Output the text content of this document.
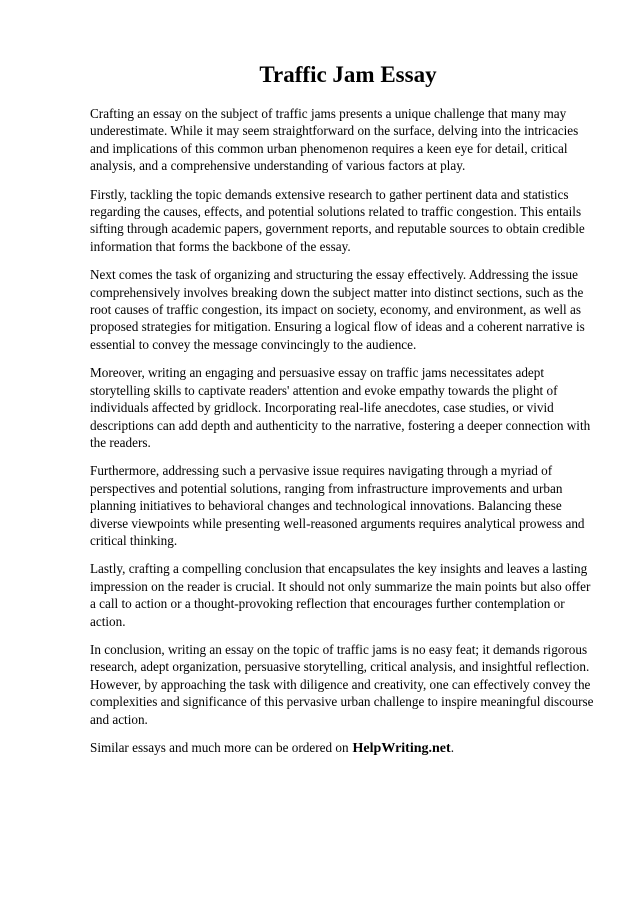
Traffic Jam Essay

Crafting an essay on the subject of traffic jams presents a unique challenge that many may underestimate. While it may seem straightforward on the surface, delving into the intricacies and implications of this common urban phenomenon requires a keen eye for detail, critical analysis, and a comprehensive understanding of various factors at play.

Firstly, tackling the topic demands extensive research to gather pertinent data and statistics regarding the causes, effects, and potential solutions related to traffic congestion. This entails sifting through academic papers, government reports, and reputable sources to obtain credible information that forms the backbone of the essay.

Next comes the task of organizing and structuring the essay effectively. Addressing the issue comprehensively involves breaking down the subject matter into distinct sections, such as the root causes of traffic congestion, its impact on society, economy, and environment, as well as proposed strategies for mitigation. Ensuring a logical flow of ideas and a coherent narrative is essential to convey the message convincingly to the audience.

Moreover, writing an engaging and persuasive essay on traffic jams necessitates adept storytelling skills to captivate readers' attention and evoke empathy towards the plight of individuals affected by gridlock. Incorporating real-life anecdotes, case studies, or vivid descriptions can add depth and authenticity to the narrative, fostering a deeper connection with the readers.

Furthermore, addressing such a pervasive issue requires navigating through a myriad of perspectives and potential solutions, ranging from infrastructure improvements and urban planning initiatives to behavioral changes and technological innovations. Balancing these diverse viewpoints while presenting well-reasoned arguments requires analytical prowess and critical thinking.

Lastly, crafting a compelling conclusion that encapsulates the key insights and leaves a lasting impression on the reader is crucial. It should not only summarize the main points but also offer a call to action or a thought-provoking reflection that encourages further contemplation or action.

In conclusion, writing an essay on the topic of traffic jams is no easy feat; it demands rigorous research, adept organization, persuasive storytelling, critical analysis, and insightful reflection. However, by approaching the task with diligence and creativity, one can effectively convey the complexities and significance of this pervasive urban challenge to inspire meaningful discourse and action.

Similar essays and much more can be ordered on HelpWriting.net.
